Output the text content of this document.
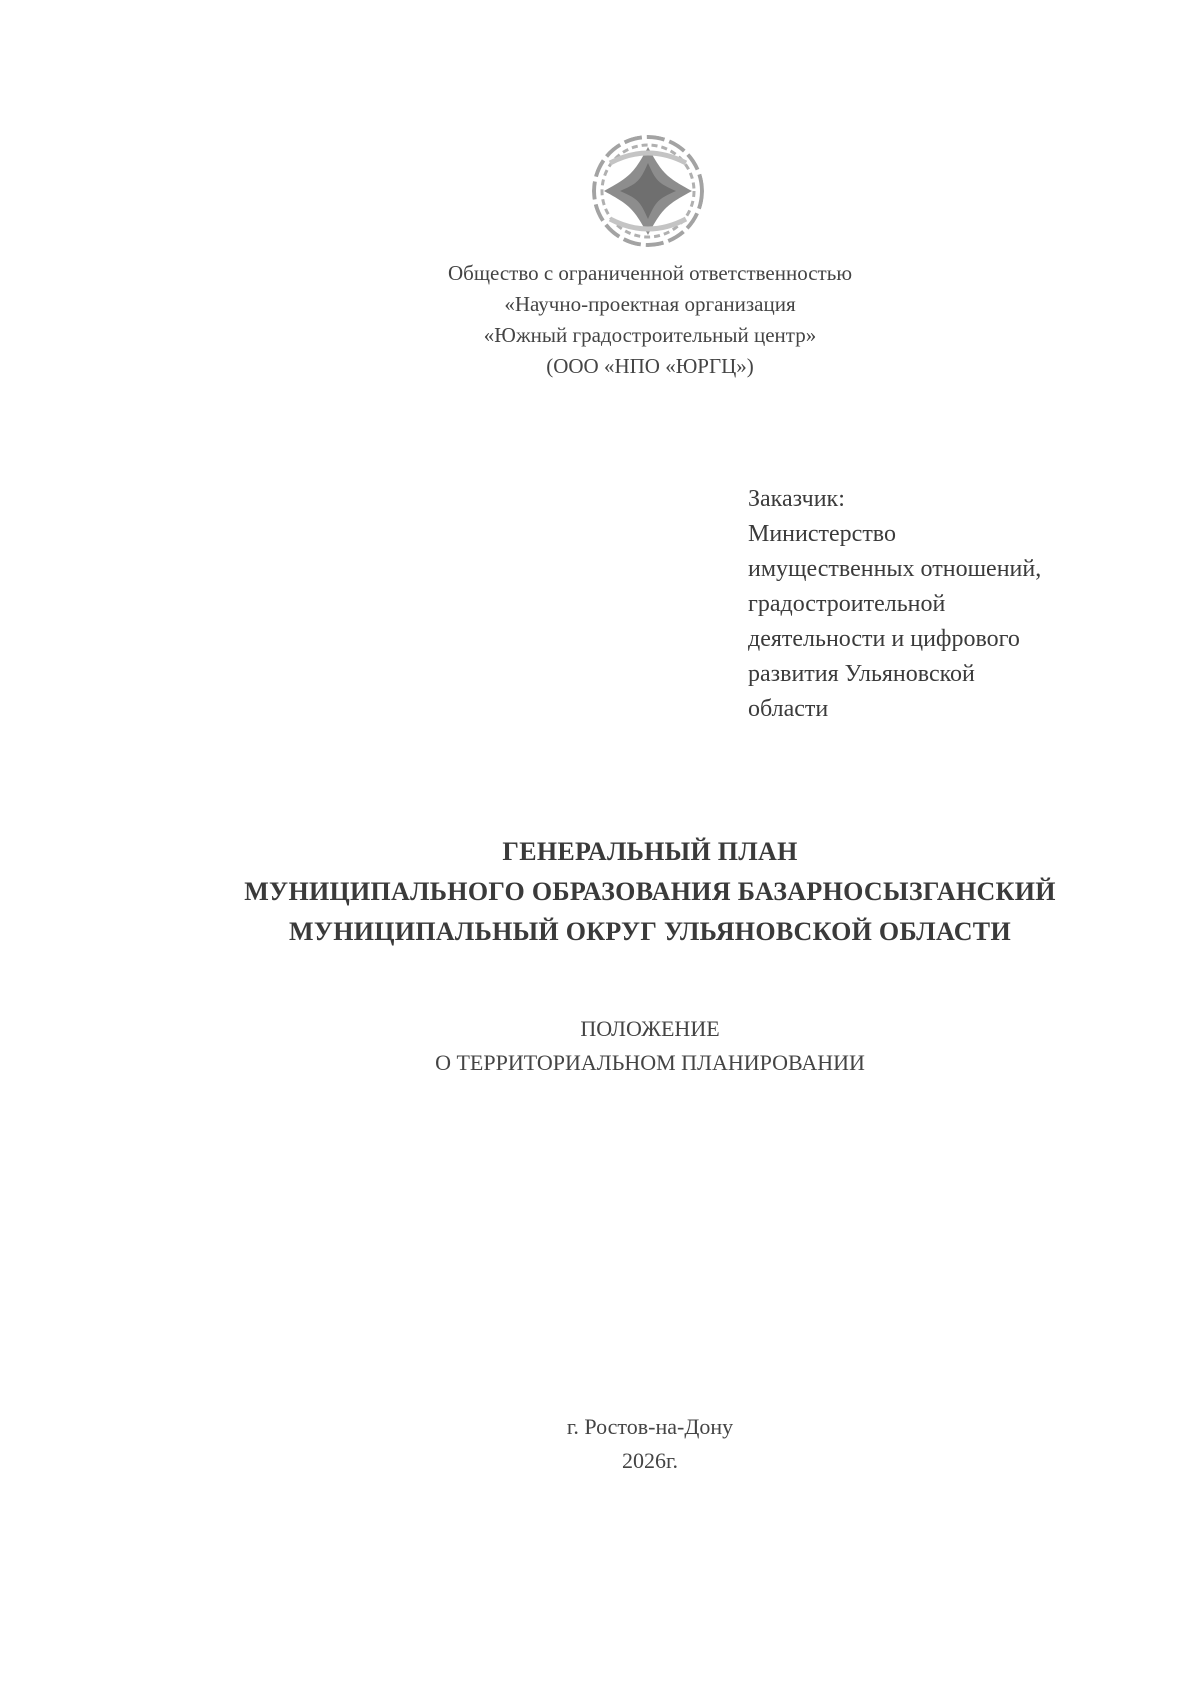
Общество с ограниченной ответственностью
«Научно-проектная организация
«Южный градостроительный центр»
(ООО «НПО «ЮРГЦ»)
Заказчик:
Министерство
имущественных отношений,
градостроительной
деятельности и цифрового
развития Ульяновской
области
ГЕНЕРАЛЬНЫЙ ПЛАН
МУНИЦИПАЛЬНОГО ОБРАЗОВАНИЯ БАЗАРНОСЫЗГАНСКИЙ
МУНИЦИПАЛЬНЫЙ ОКРУГ УЛЬЯНОВСКОЙ ОБЛАСТИ
ПОЛОЖЕНИЕ
О ТЕРРИТОРИАЛЬНОМ ПЛАНИРОВАНИИ
г. Ростов-на-Дону
2026г.
